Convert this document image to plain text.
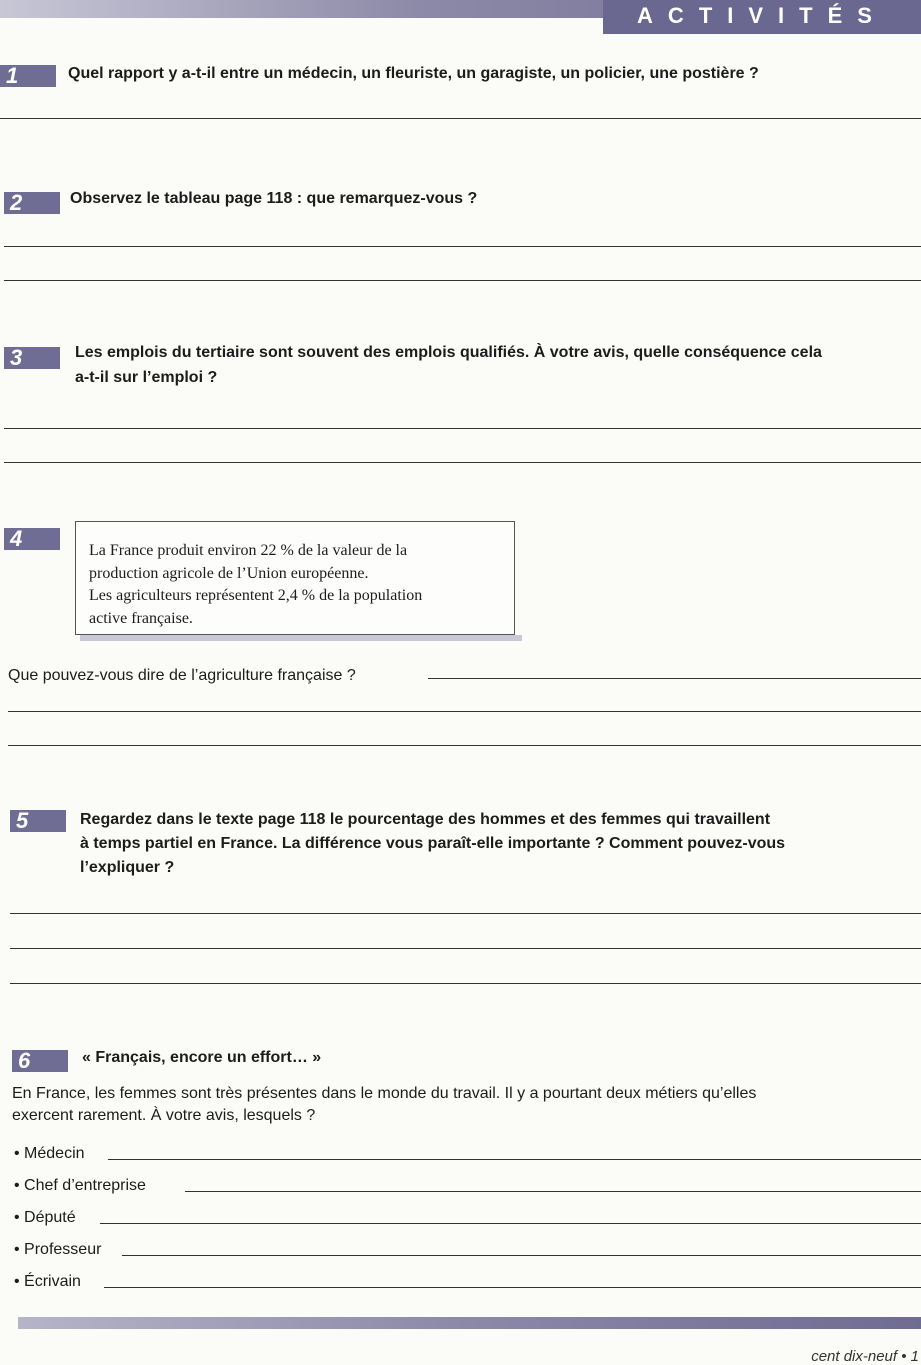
ACTIVITÉS
1	Quel rapport y a-t-il entre un médecin, un fleuriste, un garagiste, un policier, une postière ?
2	Observez le tableau page 118 : que remarquez-vous ?
3	Les emplois du tertiaire sont souvent des emplois qualifiés. À votre avis, quelle conséquence cela
a-t-il sur l’emploi ?
4	La France produit environ 22 % de la valeur de la
production agricole de l’Union européenne.
Les agriculteurs représentent 2,4 % de la population
active française.
Que pouvez-vous dire de l’agriculture française ?
5	Regardez dans le texte page 118 le pourcentage des hommes et des femmes qui travaillent
à temps partiel en France. La différence vous paraît-elle importante ? Comment pouvez-vous
l’expliquer ?
6	« Français, encore un effort… »
En France, les femmes sont très présentes dans le monde du travail. Il y a pourtant deux métiers qu’elles
exercent rarement. À votre avis, lesquels ?
• Médecin
• Chef d’entreprise
• Député
• Professeur
• Écrivain
cent dix-neuf • 1
